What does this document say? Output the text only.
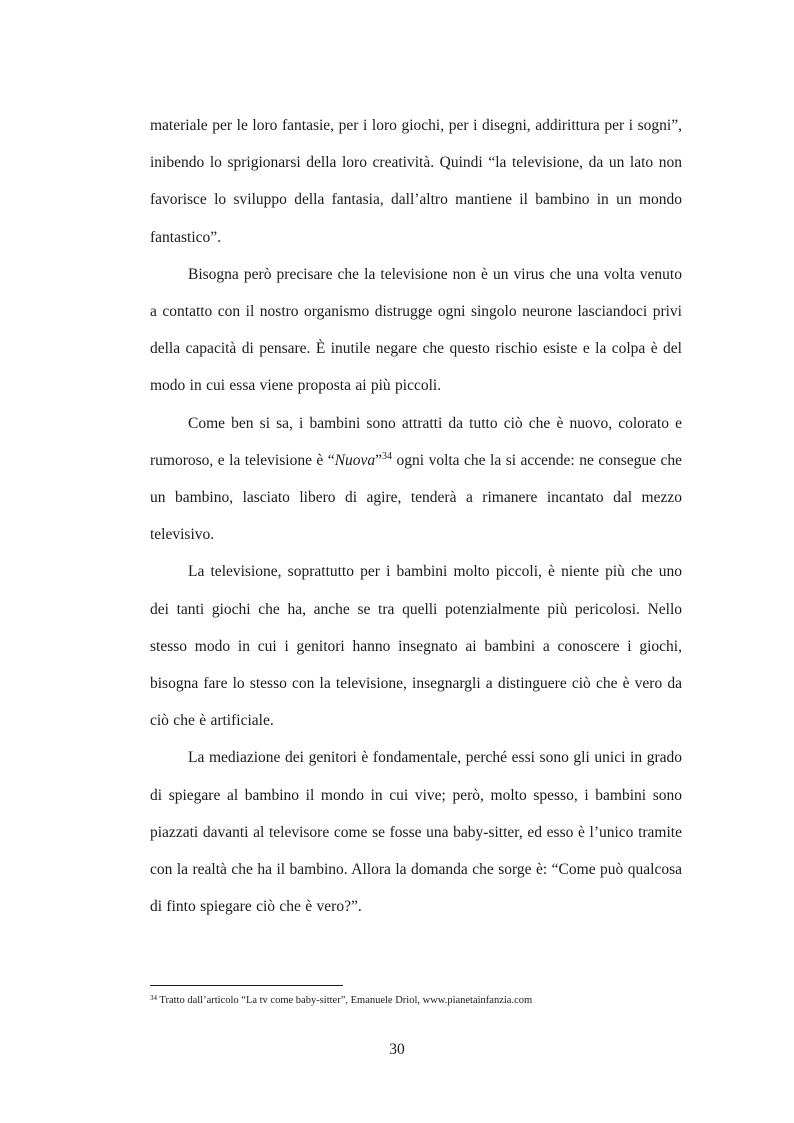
materiale per le loro fantasie, per i loro giochi, per i disegni, addirittura per i sogni”, inibendo lo sprigionarsi della loro creatività. Quindi “la televisione, da un lato non favorisce lo sviluppo della fantasia, dall’altro mantiene il bambino in un mondo fantastico”.

Bisogna però precisare che la televisione non è un virus che una volta venuto a contatto con il nostro organismo distrugge ogni singolo neurone lasciandoci privi della capacità di pensare. È inutile negare che questo rischio esiste e la colpa è del modo in cui essa viene proposta ai più piccoli.

Come ben si sa, i bambini sono attratti da tutto ciò che è nuovo, colorato e rumoroso, e la televisione è “Nuova”$^{34}$ ogni volta che la si accende: ne consegue che un bambino, lasciato libero di agire, tenderà a rimanere incantato dal mezzo televisivo.

La televisione, soprattutto per i bambini molto piccoli, è niente più che uno dei tanti giochi che ha, anche se tra quelli potenzialmente più pericolosi. Nello stesso modo in cui i genitori hanno insegnato ai bambini a conoscere i giochi, bisogna fare lo stesso con la televisione, insegnargli a distinguere ciò che è vero da ciò che è artificiale.

La mediazione dei genitori è fondamentale, perché essi sono gli unici in grado di spiegare al bambino il mondo in cui vive; però, molto spesso, i bambini sono piazzati davanti al televisore come se fosse una baby-sitter, ed esso è l’unico tramite con la realtà che ha il bambino. Allora la domanda che sorge è: “Come può qualcosa di finto spiegare ciò che è vero?”.

$^{34}$ Tratto dall’articolo “La tv come baby-sitter”, Emanuele Driol, www.pianetainfanzia.com
30
